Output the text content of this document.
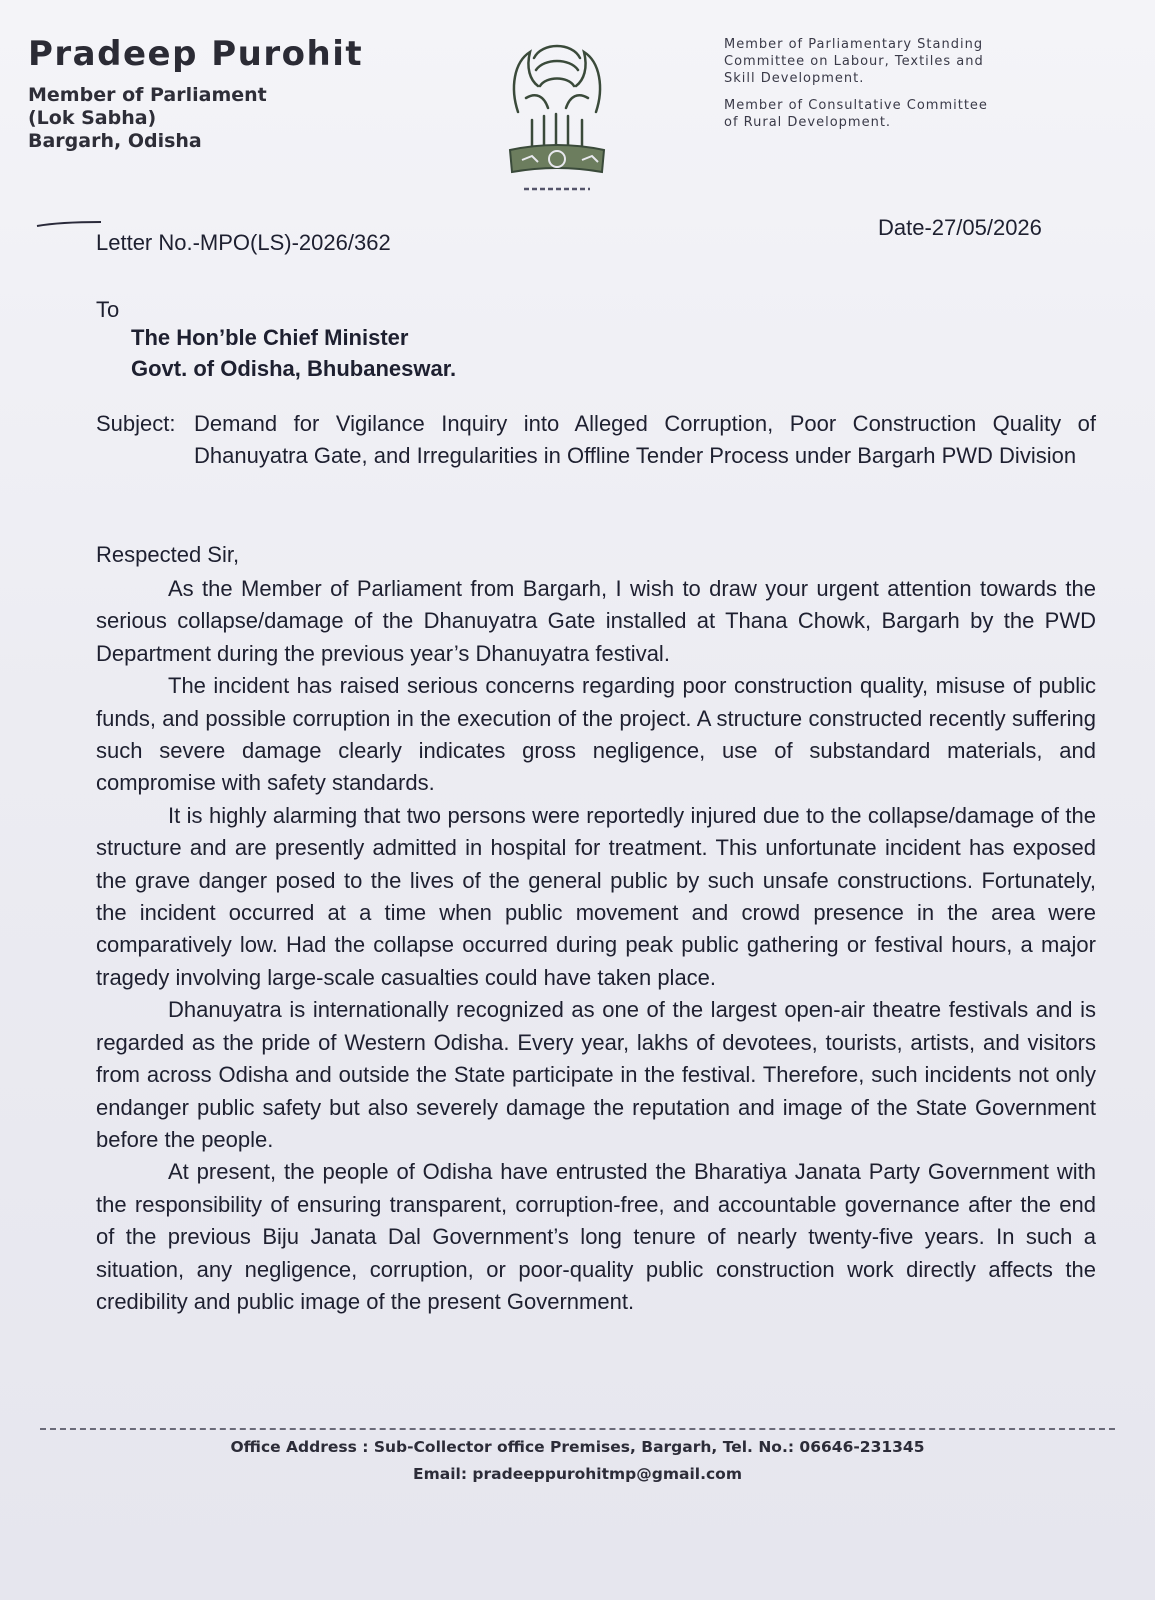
Pradeep Purohit
Member of Parliament
(Lok Sabha)
Bargarh, Odisha
Member of Parliamentary Standing
Committee on Labour, Textiles and
Skill Development.
Member of Consultative Committee
of Rural Development.
Letter No.-MPO(LS)-2026/362
Date-27/05/2026
To
The Hon’ble Chief Minister
Govt. of Odisha, Bhubaneswar.
Subject: Demand for Vigilance Inquiry into Alleged Corruption, Poor Construction Quality of Dhanuyatra Gate, and Irregularities in Offline Tender Process under Bargarh PWD Division
Respected Sir,

As the Member of Parliament from Bargarh, I wish to draw your urgent attention towards the serious collapse/damage of the Dhanuyatra Gate installed at Thana Chowk, Bargarh by the PWD Department during the previous year’s Dhanuyatra festival.

The incident has raised serious concerns regarding poor construction quality, misuse of public funds, and possible corruption in the execution of the project. A structure constructed recently suffering such severe damage clearly indicates gross negligence, use of substandard materials, and compromise with safety standards.

It is highly alarming that two persons were reportedly injured due to the collapse/damage of the structure and are presently admitted in hospital for treatment. This unfortunate incident has exposed the grave danger posed to the lives of the general public by such unsafe constructions. Fortunately, the incident occurred at a time when public movement and crowd presence in the area were comparatively low. Had the collapse occurred during peak public gathering or festival hours, a major tragedy involving large-scale casualties could have taken place.

Dhanuyatra is internationally recognized as one of the largest open-air theatre festivals and is regarded as the pride of Western Odisha. Every year, lakhs of devotees, tourists, artists, and visitors from across Odisha and outside the State participate in the festival. Therefore, such incidents not only endanger public safety but also severely damage the reputation and image of the State Government before the people.

At present, the people of Odisha have entrusted the Bharatiya Janata Party Government with the responsibility of ensuring transparent, corruption-free, and accountable governance after the end of the previous Biju Janata Dal Government’s long tenure of nearly twenty-five years. In such a situation, any negligence, corruption, or poor-quality public construction work directly affects the credibility and public image of the present Government.

Office Address : Sub-Collector office Premises, Bargarh, Tel. No.: 06646-231345
Email: pradeeppurohitmp@gmail.com
